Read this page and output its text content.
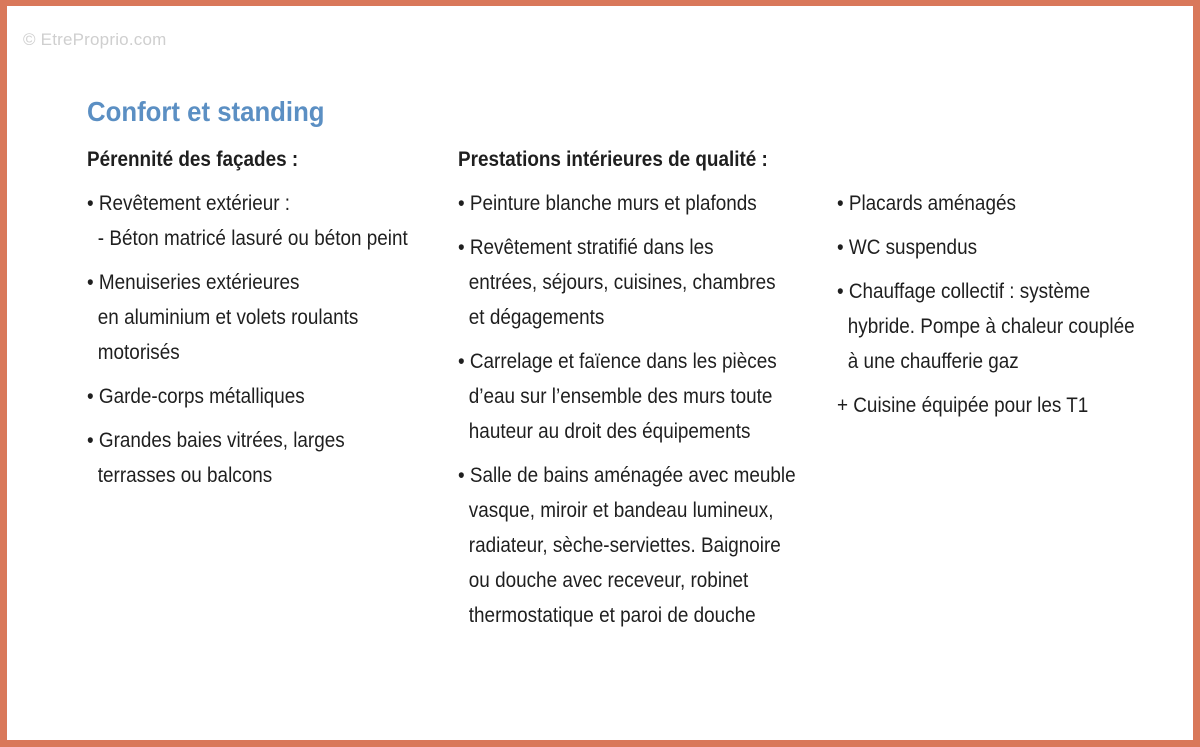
© EtreProprio.com
Confort et standing
Pérennité des façades :
• Revêtement extérieur :
- Béton matricé lasuré ou béton peint
• Menuiseries extérieures
en aluminium et volets roulants
motorisés
• Garde-corps métalliques
• Grandes baies vitrées, larges
terrasses ou balcons
Prestations intérieures de qualité :
• Peinture blanche murs et plafonds
• Revêtement stratifié dans les
entrées, séjours, cuisines, chambres
et dégagements
• Carrelage et faïence dans les pièces
d’eau sur l’ensemble des murs toute
hauteur au droit des équipements
• Salle de bains aménagée avec meuble
vasque, miroir et bandeau lumineux,
radiateur, sèche-serviettes. Baignoire
ou douche avec receveur, robinet
thermostatique et paroi de douche
• Placards aménagés
• WC suspendus
• Chauffage collectif : système
hybride. Pompe à chaleur couplée
à une chaufferie gaz
+ Cuisine équipée pour les T1
